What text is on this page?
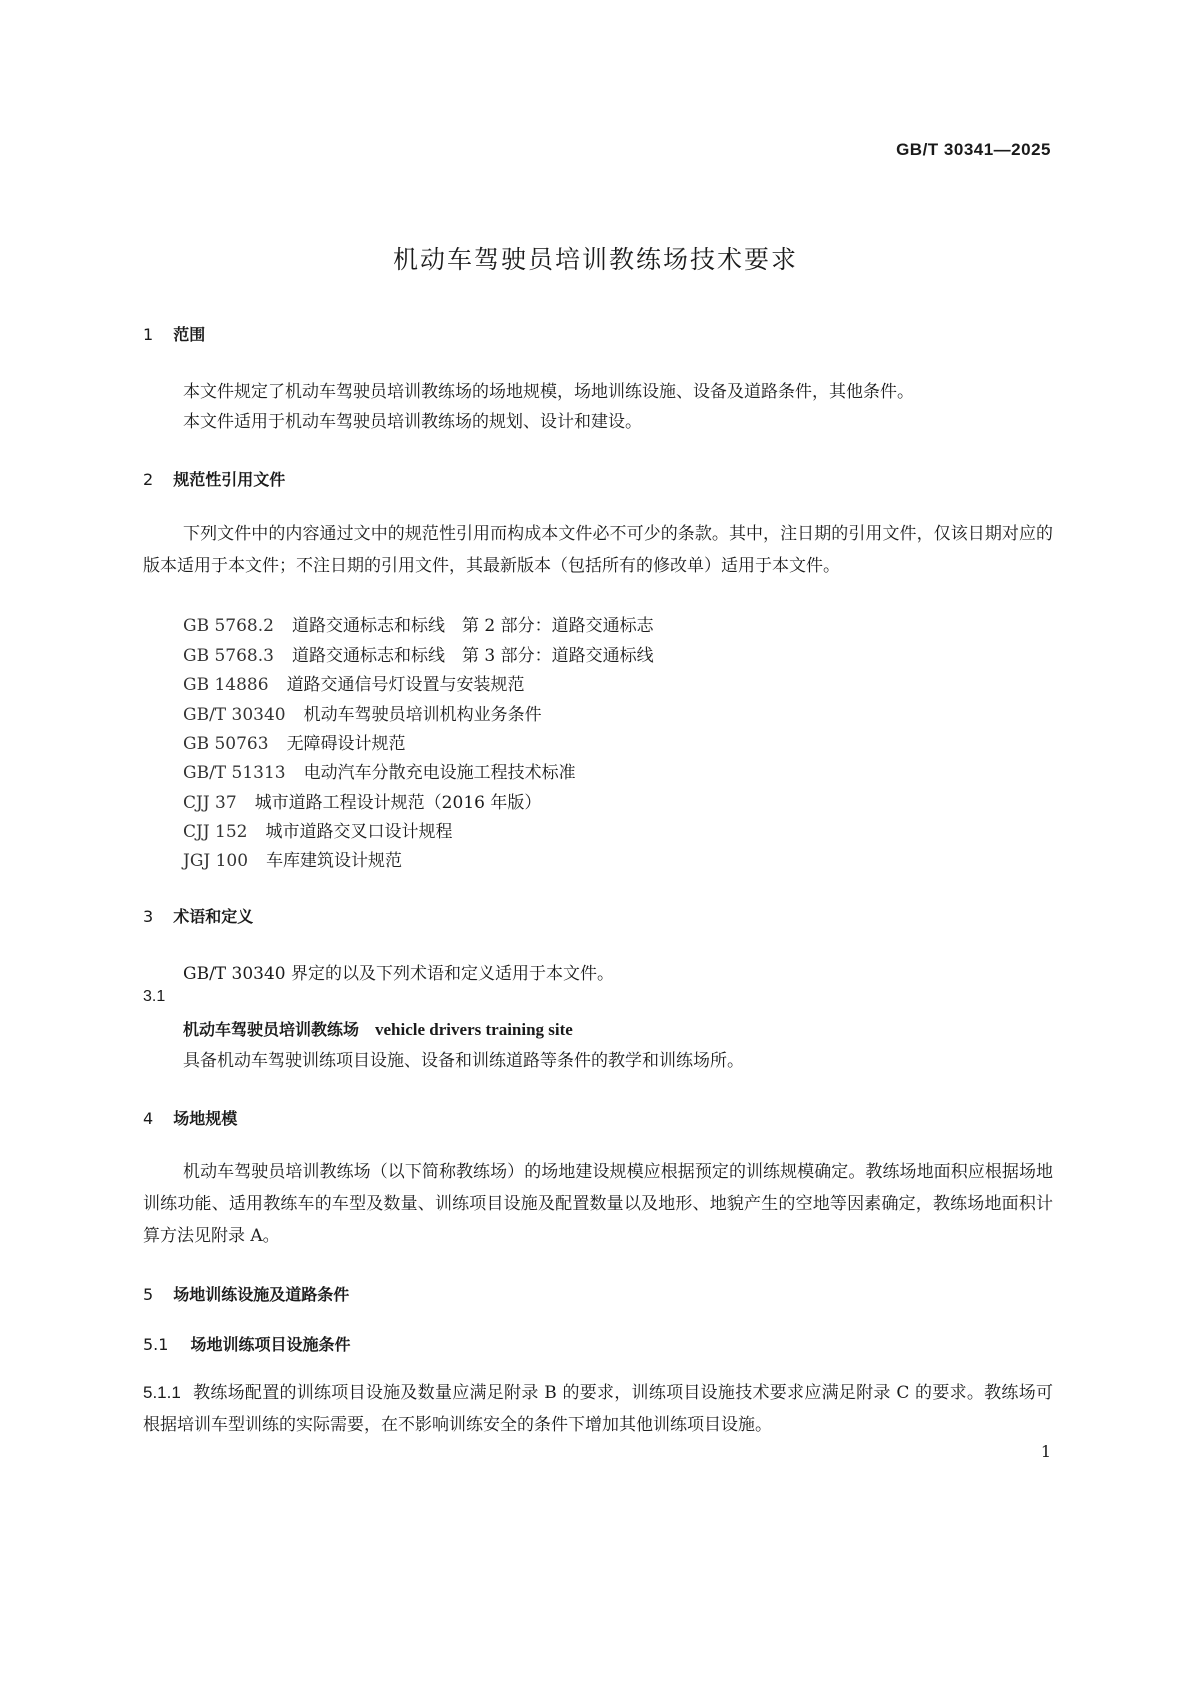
GB/T 30341—2025
机动车驾驶员培训教练场技术要求
1 范围
本文件规定了机动车驾驶员培训教练场的场地规模，场地训练设施、设备及道路条件，其他条件。
本文件适用于机动车驾驶员培训教练场的规划、设计和建设。
2 规范性引用文件
下列文件中的内容通过文中的规范性引用而构成本文件必不可少的条款。其中，注日期的引用文件，仅该日期对应的版本适用于本文件；不注日期的引用文件，其最新版本（包括所有的修改单）适用于本文件。
GB 5768.2 道路交通标志和标线　第 2 部分：道路交通标志
GB 5768.3 道路交通标志和标线　第 3 部分：道路交通标线
GB 14886 道路交通信号灯设置与安装规范
GB/T 30340 机动车驾驶员培训机构业务条件
GB 50763 无障碍设计规范
GB/T 51313 电动汽车分散充电设施工程技术标准
CJJ 37 城市道路工程设计规范（2016 年版）
CJJ 152 城市道路交叉口设计规程
JGJ 100 车库建筑设计规范
3 术语和定义
GB/T 30340 界定的以及下列术语和定义适用于本文件。
3.1
机动车驾驶员培训教练场 vehicle drivers training site
具备机动车驾驶训练项目设施、设备和训练道路等条件的教学和训练场所。
4 场地规模
机动车驾驶员培训教练场（以下简称教练场）的场地建设规模应根据预定的训练规模确定。教练场地面积应根据场地训练功能、适用教练车的车型及数量、训练项目设施及配置数量以及地形、地貌产生的空地等因素确定，教练场地面积计算方法见附录 A。
5 场地训练设施及道路条件
5.1 场地训练项目设施条件
5.1.1 教练场配置的训练项目设施及数量应满足附录 B 的要求，训练项目设施技术要求应满足附录 C 的要求。教练场可根据培训车型训练的实际需要，在不影响训练安全的条件下增加其他训练项目设施。
1
